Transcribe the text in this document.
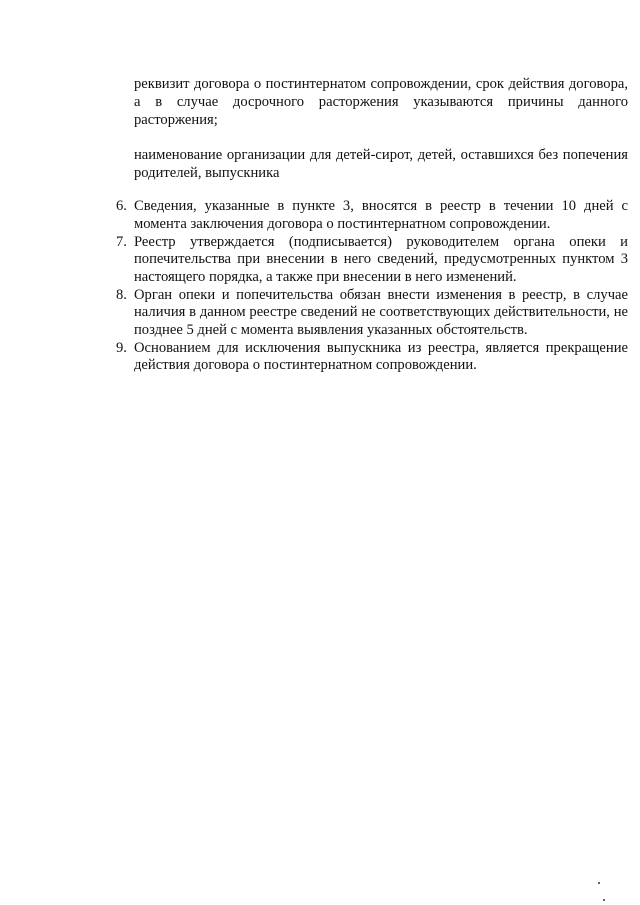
реквизит договора о постинтернатом сопровождении, срок действия договора, а в случае досрочного расторжения указываются причины данного расторжения;

наименование организации для детей-сирот, детей, оставшихся без попечения родителей, выпускника

6. Сведения, указанные в пункте 3, вносятся в реестр в течении 10 дней с момента заключения договора о постинтернатном сопровождении.
7. Реестр утверждается (подписывается) руководителем органа опеки и попечительства при внесении в него сведений, предусмотренных пунктом 3 настоящего порядка, а также при внесении в него изменений.
8. Орган опеки и попечительства обязан внести изменения в реестр, в случае наличия в данном реестре сведений не соответствующих действительности, не позднее 5 дней с момента выявления указанных обстоятельств.
9. Основанием для исключения выпускника из реестра, является прекращение действия договора о постинтернатном сопровождении.
